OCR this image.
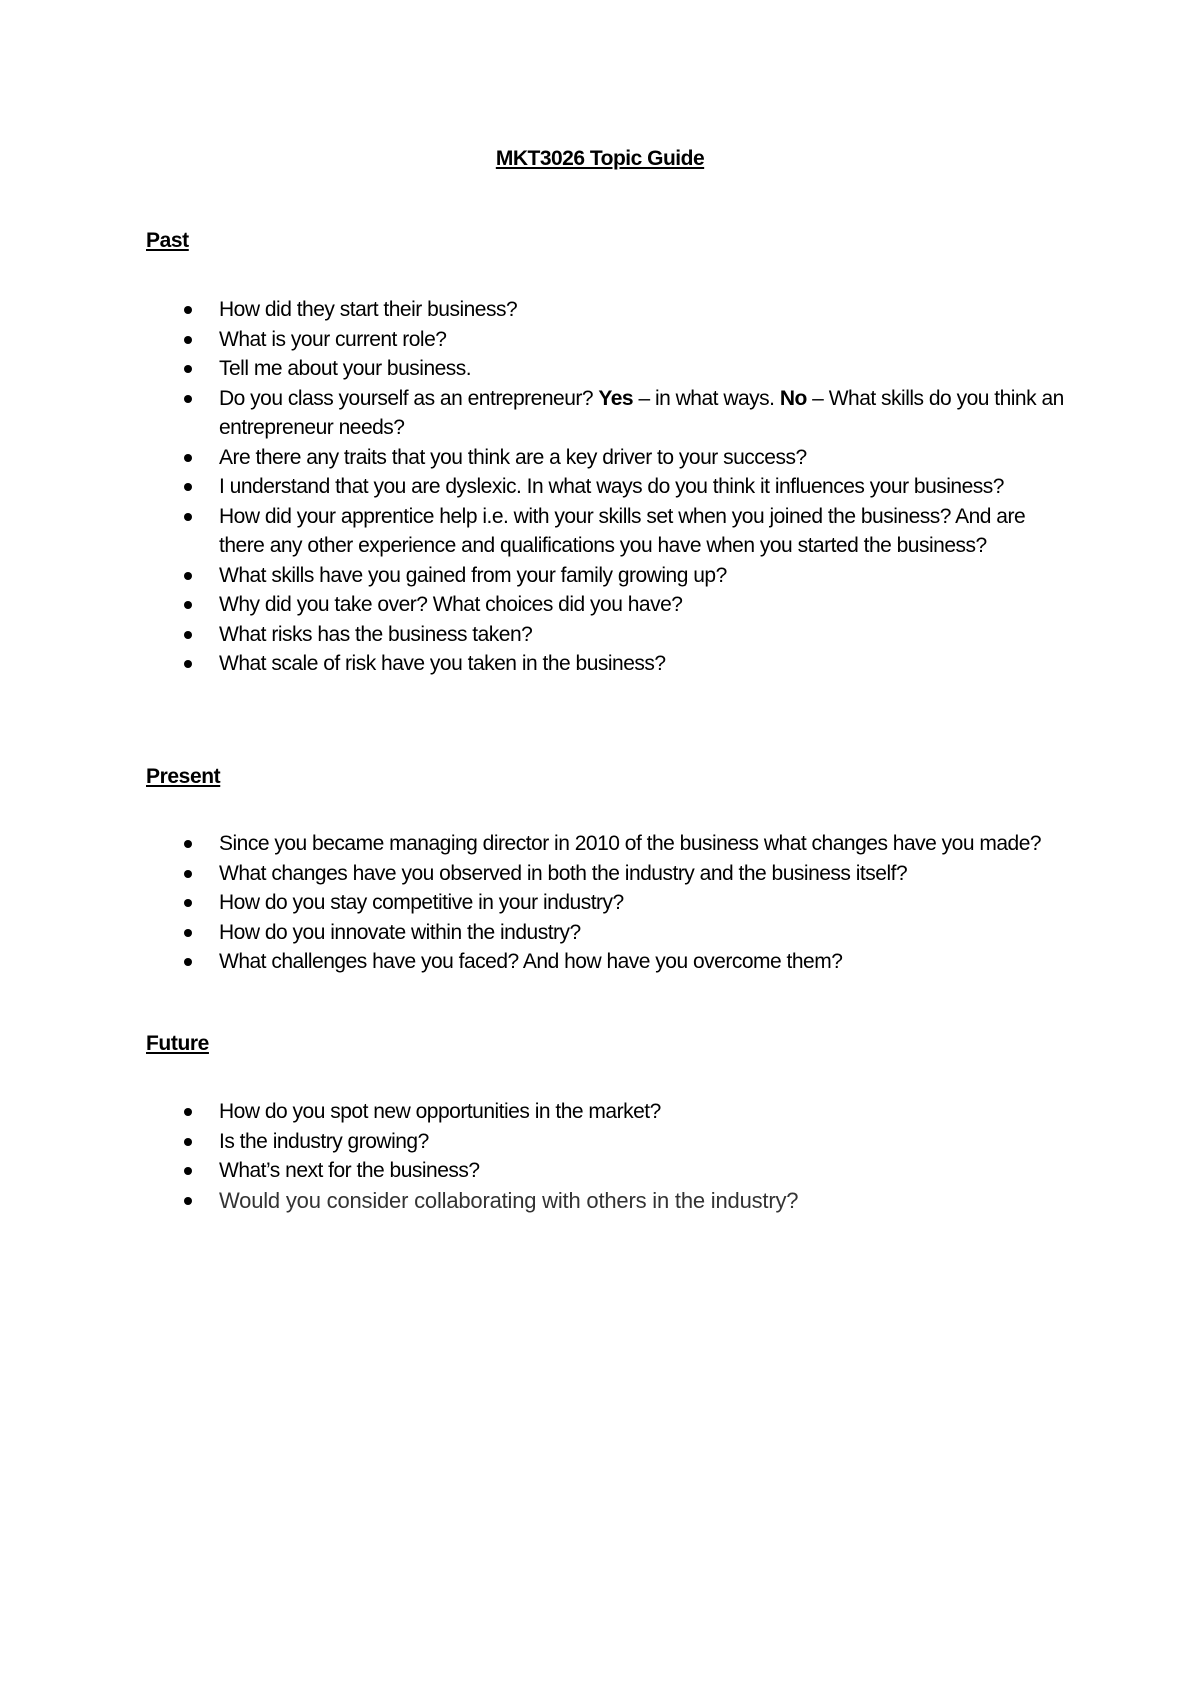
MKT3026 Topic Guide
Past
How did they start their business?
What is your current role?
Tell me about your business.
Do you class yourself as an entrepreneur? Yes – in what ways. No – What skills do you think an entrepreneur needs?
Are there any traits that you think are a key driver to your success?
I understand that you are dyslexic. In what ways do you think it influences your business?
How did your apprentice help i.e. with your skills set when you joined the business? And are there any other experience and qualifications you have when you started the business?
What skills have you gained from your family growing up?
Why did you take over? What choices did you have?
What risks has the business taken?
What scale of risk have you taken in the business?
Present
Since you became managing director in 2010 of the business what changes have you made?
What changes have you observed in both the industry and the business itself?
How do you stay competitive in your industry?
How do you innovate within the industry?
What challenges have you faced? And how have you overcome them?
Future
How do you spot new opportunities in the market?
Is the industry growing?
What’s next for the business?
Would you consider collaborating with others in the industry?
